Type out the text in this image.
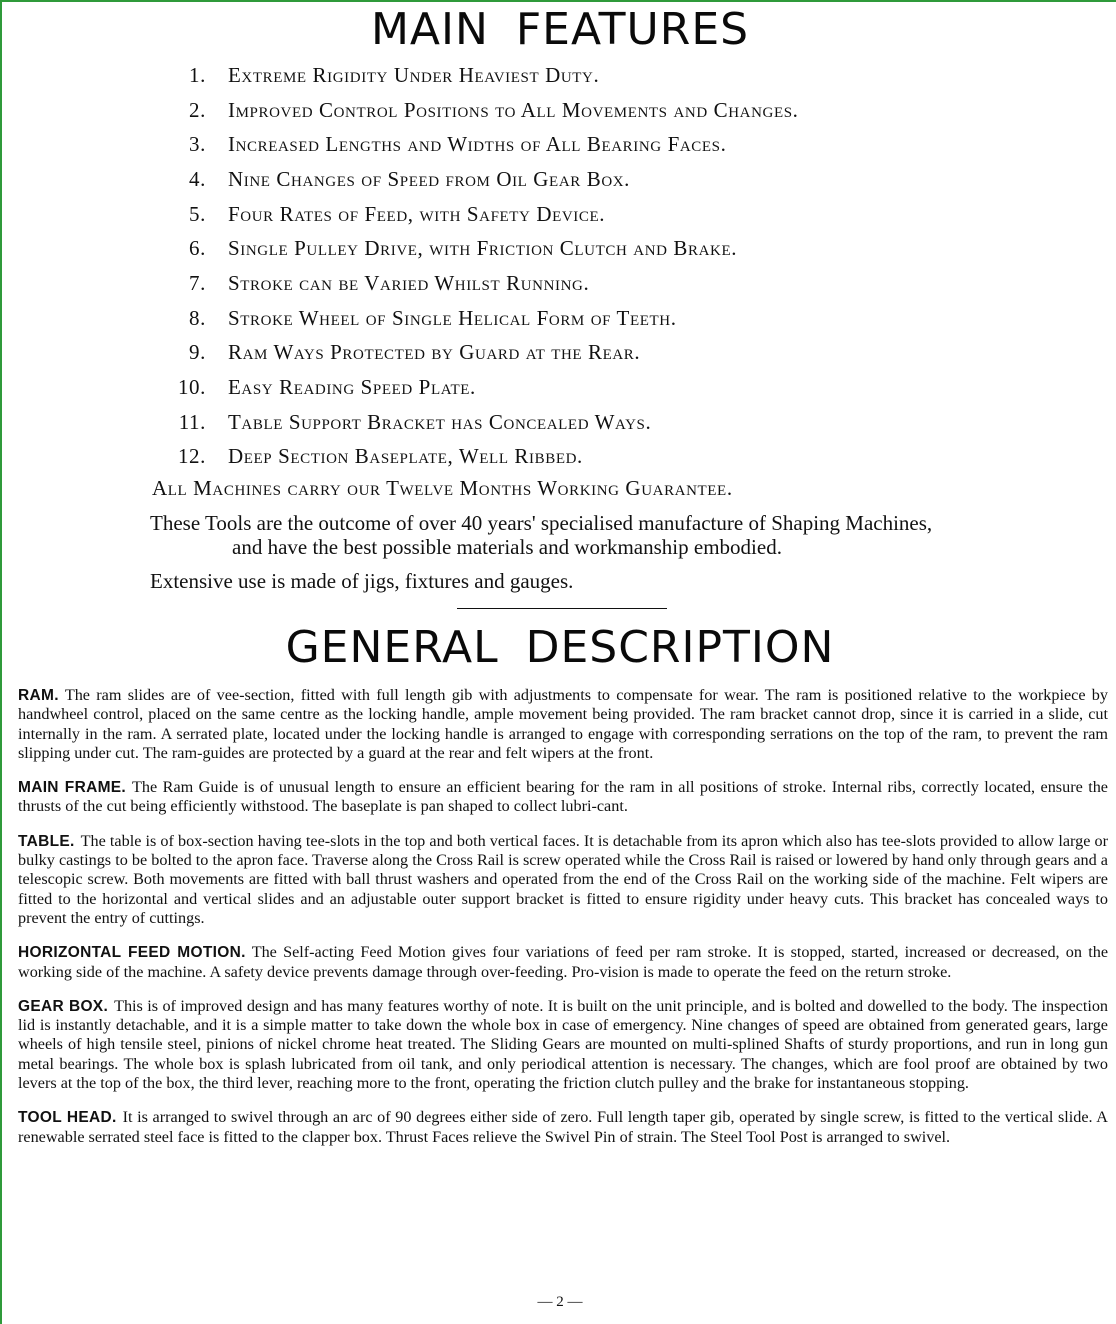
MAIN FEATURES
1. Extreme Rigidity Under Heaviest Duty.
2. Improved Control Positions to All Movements and Changes.
3. Increased Lengths and Widths of All Bearing Faces.
4. Nine Changes of Speed from Oil Gear Box.
5. Four Rates of Feed, with Safety Device.
6. Single Pulley Drive, with Friction Clutch and Brake.
7. Stroke can be Varied Whilst Running.
8. Stroke Wheel of Single Helical Form of Teeth.
9. Ram Ways Protected by Guard at the Rear.
10. Easy Reading Speed Plate.
11. Table Support Bracket has Concealed Ways.
12. Deep Section Baseplate, Well Ribbed.

All Machines carry our Twelve Months Working Guarantee.

These Tools are the outcome of over 40 years' specialised manufacture of Shaping Machines,
and have the best possible materials and workmanship embodied.

Extensive use is made of jigs, fixtures and gauges.

GENERAL DESCRIPTION

RAM. The ram slides are of vee-section, fitted with full length gib with adjustments to compensate for wear. The ram is positioned relative to the workpiece by handwheel control, placed on the same centre as the locking handle, ample movement being provided. The ram bracket cannot drop, since it is carried in a slide, cut internally in the ram. A serrated plate, located under the locking handle is arranged to engage with corresponding serrations on the top of the ram, to prevent the ram slipping under cut. The ram-guides are protected by a guard at the rear and felt wipers at the front.

MAIN FRAME. The Ram Guide is of unusual length to ensure an efficient bearing for the ram in all positions of stroke. Internal ribs, correctly located, ensure the thrusts of the cut being efficiently withstood. The baseplate is pan shaped to collect lubri-cant.

TABLE. The table is of box-section having tee-slots in the top and both vertical faces. It is detachable from its apron which also has tee-slots provided to allow large or bulky castings to be bolted to the apron face. Traverse along the Cross Rail is screw operated while the Cross Rail is raised or lowered by hand only through gears and a telescopic screw. Both movements are fitted with ball thrust washers and operated from the end of the Cross Rail on the working side of the machine. Felt wipers are fitted to the horizontal and vertical slides and an adjustable outer support bracket is fitted to ensure rigidity under heavy cuts. This bracket has concealed ways to prevent the entry of cuttings.

HORIZONTAL FEED MOTION. The Self-acting Feed Motion gives four variations of feed per ram stroke. It is stopped, started, increased or decreased, on the working side of the machine. A safety device prevents damage through over-feeding. Pro-vision is made to operate the feed on the return stroke.

GEAR BOX. This is of improved design and has many features worthy of note. It is built on the unit principle, and is bolted and dowelled to the body. The inspection lid is instantly detachable, and it is a simple matter to take down the whole box in case of emergency. Nine changes of speed are obtained from generated gears, large wheels of high tensile steel, pinions of nickel chrome heat treated. The Sliding Gears are mounted on multi-splined Shafts of sturdy proportions, and run in long gun metal bearings. The whole box is splash lubricated from oil tank, and only periodical attention is necessary. The changes, which are fool proof are obtained by two levers at the top of the box, the third lever, reaching more to the front, operating the friction clutch pulley and the brake for instantaneous stopping.

TOOL HEAD. It is arranged to swivel through an arc of 90 degrees either side of zero. Full length taper gib, operated by single screw, is fitted to the vertical slide. A renewable serrated steel face is fitted to the clapper box. Thrust Faces relieve the Swivel Pin of strain. The Steel Tool Post is arranged to swivel.

— 2 —
